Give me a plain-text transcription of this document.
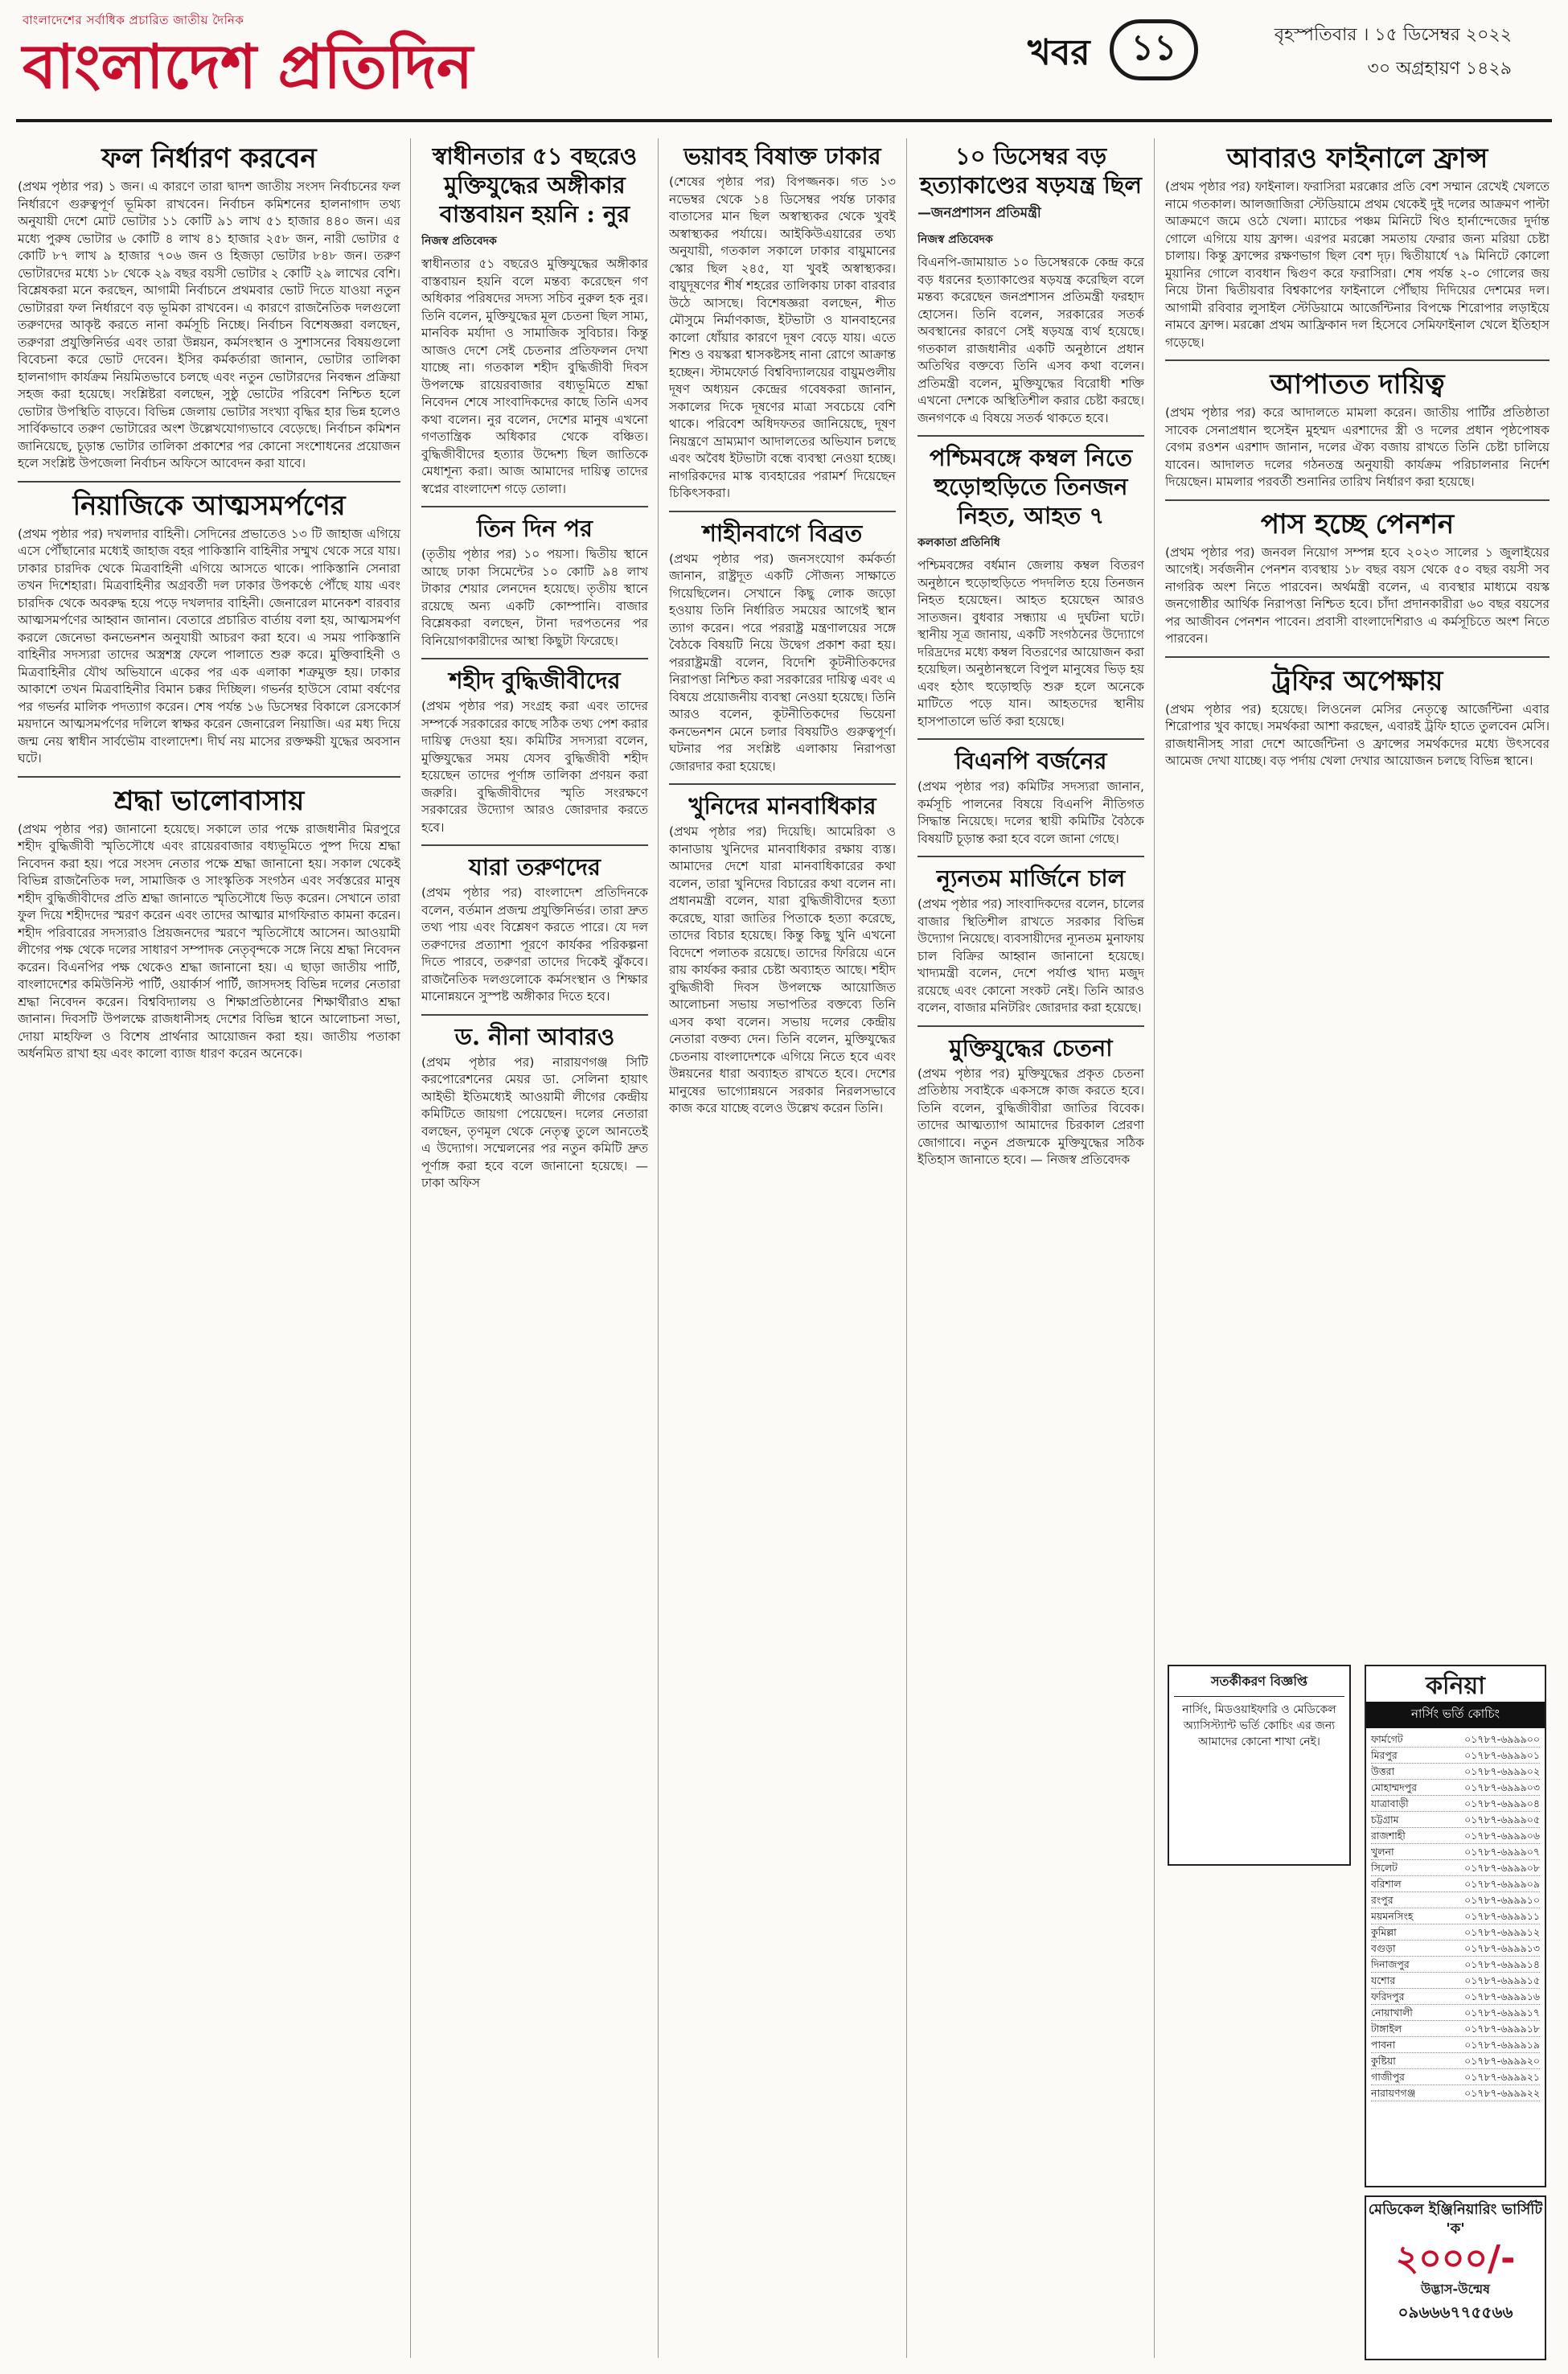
বাংলাদেশের সর্বাধিক প্রচারিত জাতীয় দৈনিক
বাংলাদেশ প্রতিদিন	খবর	১১	বৃহস্পতিবার । ১৫ ডিসেম্বর ২০২২
৩০ অগ্রহায়ণ ১৪২৯
ফল নির্ধারণ করবেন

(প্রথম পৃষ্ঠার পর) ১ জন। এ কারণে তারা দ্বাদশ জাতীয় সংসদ নির্বাচনের ফল নির্ধারণে গুরুত্বপূর্ণ ভূমিকা রাখবেন। নির্বাচন কমিশনের হালনাগাদ তথ্য অনুযায়ী দেশে মোট ভোটার ১১ কোটি ৯১ লাখ ৫১ হাজার ৪৪০ জন। এর মধ্যে পুরুষ ভোটার ৬ কোটি ৪ লাখ ৪১ হাজার ২৫৮ জন, নারী ভোটার ৫ কোটি ৮৭ লাখ ৯ হাজার ৭০৬ জন ও হিজড়া ভোটার ৮৪৮ জন। তরুণ ভোটারদের মধ্যে ১৮ থেকে ২৯ বছর বয়সী ভোটার ২ কোটি ২৯ লাখের বেশি। বিশ্লেষকরা মনে করছেন, আগামী নির্বাচনে প্রথমবার ভোট দিতে যাওয়া নতুন ভোটাররা ফল নির্ধারণে বড় ভূমিকা রাখবেন। এ কারণে রাজনৈতিক দলগুলো তরুণদের আকৃষ্ট করতে নানা কর্মসূচি নিচ্ছে। নির্বাচন বিশেষজ্ঞরা বলছেন, তরুণরা প্রযুক্তিনির্ভর এবং তারা উন্নয়ন, কর্মসংস্থান ও সুশাসনের বিষয়গুলো বিবেচনা করে ভোট দেবেন। ইসির কর্মকর্তারা জানান, ভোটার তালিকা হালনাগাদ কার্যক্রম নিয়মিতভাবে চলছে এবং নতুন ভোটারদের নিবন্ধন প্রক্রিয়া সহজ করা হয়েছে। সংশ্লিষ্টরা বলছেন, সুষ্ঠু ভোটের পরিবেশ নিশ্চিত হলে ভোটার উপস্থিতি বাড়বে। বিভিন্ন জেলায় ভোটার সংখ্যা বৃদ্ধির হার ভিন্ন হলেও সার্বিকভাবে তরুণ ভোটারের অংশ উল্লেখযোগ্যভাবে বেড়েছে। নির্বাচন কমিশন জানিয়েছে, চূড়ান্ত ভোটার তালিকা প্রকাশের পর কোনো সংশোধনের প্রয়োজন হলে সংশ্লিষ্ট উপজেলা নির্বাচন অফিসে আবেদন করা যাবে।

নিয়াজিকে আত্মসমর্পণের

(প্রথম পৃষ্ঠার পর) দখলদার বাহিনী। সেদিনের প্রভাতেও ১৩ টি জাহাজ এগিয়ে এসে পৌঁছানোর মধ্যেই জাহাজ বহর পাকিস্তানি বাহিনীর সম্মুখ থেকে সরে যায়। ঢাকার চারদিক থেকে মিত্রবাহিনী এগিয়ে আসতে থাকে। পাকিস্তানি সেনারা তখন দিশেহারা। মিত্রবাহিনীর অগ্রবর্তী দল ঢাকার উপকণ্ঠে পৌঁছে যায় এবং চারদিক থেকে অবরুদ্ধ হয়ে পড়ে দখলদার বাহিনী। জেনারেল মানেকশ বারবার আত্মসমর্পণের আহ্বান জানান। বেতারে প্রচারিত বার্তায় বলা হয়, আত্মসমর্পণ করলে জেনেভা কনভেনশন অনুযায়ী আচরণ করা হবে। এ সময় পাকিস্তানি বাহিনীর সদস্যরা তাদের অস্ত্রশস্ত্র ফেলে পালাতে শুরু করে। মুক্তিবাহিনী ও মিত্রবাহিনীর যৌথ অভিযানে একের পর এক এলাকা শত্রুমুক্ত হয়। ঢাকার আকাশে তখন মিত্রবাহিনীর বিমান চক্কর দিচ্ছিল। গভর্নর হাউসে বোমা বর্ষণের পর গভর্নর মালিক পদত্যাগ করেন। শেষ পর্যন্ত ১৬ ডিসেম্বর বিকালে রেসকোর্স ময়দানে আত্মসমর্পণের দলিলে স্বাক্ষর করেন জেনারেল নিয়াজি। এর মধ্য দিয়ে জন্ম নেয় স্বাধীন সার্বভৌম বাংলাদেশ। দীর্ঘ নয় মাসের রক্তক্ষয়ী যুদ্ধের অবসান ঘটে।

শ্রদ্ধা ভালোবাসায়

(প্রথম পৃষ্ঠার পর) জানানো হয়েছে। সকালে তার পক্ষে রাজধানীর মিরপুরে শহীদ বুদ্ধিজীবী স্মৃতিসৌধে এবং রায়েরবাজার বধ্যভূমিতে পুষ্প দিয়ে শ্রদ্ধা নিবেদন করা হয়। পরে সংসদ নেতার পক্ষে শ্রদ্ধা জানানো হয়। সকাল থেকেই বিভিন্ন রাজনৈতিক দল, সামাজিক ও সাংস্কৃতিক সংগঠন এবং সর্বস্তরের মানুষ শহীদ বুদ্ধিজীবীদের প্রতি শ্রদ্ধা জানাতে স্মৃতিসৌধে ভিড় করেন। সেখানে তারা ফুল দিয়ে শহীদদের স্মরণ করেন এবং তাদের আত্মার মাগফিরাত কামনা করেন। শহীদ পরিবারের সদস্যরাও প্রিয়জনদের স্মরণে স্মৃতিসৌধে আসেন। আওয়ামী লীগের পক্ষ থেকে দলের সাধারণ সম্পাদক নেতৃবৃন্দকে সঙ্গে নিয়ে শ্রদ্ধা নিবেদন করেন। বিএনপির পক্ষ থেকেও শ্রদ্ধা জানানো হয়। এ ছাড়া জাতীয় পার্টি, বাংলাদেশের কমিউনিস্ট পার্টি, ওয়ার্কার্স পার্টি, জাসদসহ বিভিন্ন দলের নেতারা শ্রদ্ধা নিবেদন করেন। বিশ্ববিদ্যালয় ও শিক্ষাপ্রতিষ্ঠানের শিক্ষার্থীরাও শ্রদ্ধা জানান। দিবসটি উপলক্ষে রাজধানীসহ দেশের বিভিন্ন স্থানে আলোচনা সভা, দোয়া মাহফিল ও বিশেষ প্রার্থনার আয়োজন করা হয়। জাতীয় পতাকা অর্ধনমিত রাখা হয় এবং কালো ব্যাজ ধারণ করেন অনেকে।

স্বাধীনতার ৫১ বছরেও মুক্তিযুদ্ধের অঙ্গীকার বাস্তবায়ন হয়নি : নুর
নিজস্ব প্রতিবেদক

স্বাধীনতার ৫১ বছরেও মুক্তিযুদ্ধের অঙ্গীকার বাস্তবায়ন হয়নি বলে মন্তব্য করেছেন গণ অধিকার পরিষদের সদস্য সচিব নুরুল হক নুর। তিনি বলেন, মুক্তিযুদ্ধের মূল চেতনা ছিল সাম্য, মানবিক মর্যাদা ও সামাজিক সুবিচার। কিন্তু আজও দেশে সেই চেতনার প্রতিফলন দেখা যাচ্ছে না। গতকাল শহীদ বুদ্ধিজীবী দিবস উপলক্ষে রায়েরবাজার বধ্যভূমিতে শ্রদ্ধা নিবেদন শেষে সাংবাদিকদের কাছে তিনি এসব কথা বলেন। নুর বলেন, দেশের মানুষ এখনো গণতান্ত্রিক অধিকার থেকে বঞ্চিত। বুদ্ধিজীবীদের হত্যার উদ্দেশ্য ছিল জাতিকে মেধাশূন্য করা। আজ আমাদের দায়িত্ব তাদের স্বপ্নের বাংলাদেশ গড়ে তোলা।

তিন দিন পর

(তৃতীয় পৃষ্ঠার পর) ১০ পয়সা। দ্বিতীয় স্থানে আছে ঢাকা সিমেন্টের ১০ কোটি ৯৪ লাখ টাকার শেয়ার লেনদেন হয়েছে। তৃতীয় স্থানে রয়েছে অন্য একটি কোম্পানি। বাজার বিশ্লেষকরা বলছেন, টানা দরপতনের পর বিনিয়োগকারীদের আস্থা কিছুটা ফিরেছে।

শহীদ বুদ্ধিজীবীদের

(প্রথম পৃষ্ঠার পর) সংগ্রহ করা এবং তাদের সম্পর্কে সরকারের কাছে সঠিক তথ্য পেশ করার দায়িত্ব দেওয়া হয়। কমিটির সদস্যরা বলেন, মুক্তিযুদ্ধের সময় যেসব বুদ্ধিজীবী শহীদ হয়েছেন তাদের পূর্ণাঙ্গ তালিকা প্রণয়ন করা জরুরি। বুদ্ধিজীবীদের স্মৃতি সংরক্ষণে সরকারের উদ্যোগ আরও জোরদার করতে হবে।

যারা তরুণদের

(প্রথম পৃষ্ঠার পর) বাংলাদেশ প্রতিদিনকে বলেন, বর্তমান প্রজন্ম প্রযুক্তিনির্ভর। তারা দ্রুত তথ্য পায় এবং বিশ্লেষণ করতে পারে। যে দল তরুণদের প্রত্যাশা পূরণে কার্যকর পরিকল্পনা দিতে পারবে, তরুণরা তাদের দিকেই ঝুঁকবে। রাজনৈতিক দলগুলোকে কর্মসংস্থান ও শিক্ষার মানোন্নয়নে সুস্পষ্ট অঙ্গীকার দিতে হবে।

ড. নীনা আবারও

(প্রথম পৃষ্ঠার পর) নারায়ণগঞ্জ সিটি করপোরেশনের মেয়র ডা. সেলিনা হায়াৎ আইভী ইতিমধ্যেই আওয়ামী লীগের কেন্দ্রীয় কমিটিতে জায়গা পেয়েছেন। দলের নেতারা বলছেন, তৃণমূল থেকে নেতৃত্ব তুলে আনতেই এ উদ্যোগ। সম্মেলনের পর নতুন কমিটি দ্রুত পূর্ণাঙ্গ করা হবে বলে জানানো হয়েছে। — ঢাকা অফিস

ভয়াবহ বিষাক্ত ঢাকার

(শেষের পৃষ্ঠার পর) বিপজ্জনক। গত ১৩ নভেম্বর থেকে ১৪ ডিসেম্বর পর্যন্ত ঢাকার বাতাসের মান ছিল অস্বাস্থ্যকর থেকে খুবই অস্বাস্থ্যকর পর্যায়ে। আইকিউএয়ারের তথ্য অনুযায়ী, গতকাল সকালে ঢাকার বায়ুমানের স্কোর ছিল ২৪৫, যা খুবই অস্বাস্থ্যকর। বায়ুদূষণের শীর্ষ শহরের তালিকায় ঢাকা বারবার উঠে আসছে। বিশেষজ্ঞরা বলছেন, শীত মৌসুমে নির্মাণকাজ, ইটভাটা ও যানবাহনের কালো ধোঁয়ার কারণে দূষণ বেড়ে যায়। এতে শিশু ও বয়স্করা শ্বাসকষ্টসহ নানা রোগে আক্রান্ত হচ্ছেন। স্টামফোর্ড বিশ্ববিদ্যালয়ের বায়ুমণ্ডলীয় দূষণ অধ্যয়ন কেন্দ্রের গবেষকরা জানান, সকালের দিকে দূষণের মাত্রা সবচেয়ে বেশি থাকে। পরিবেশ অধিদফতর জানিয়েছে, দূষণ নিয়ন্ত্রণে ভ্রাম্যমাণ আদালতের অভিযান চলছে এবং অবৈধ ইটভাটা বন্ধে ব্যবস্থা নেওয়া হচ্ছে। নাগরিকদের মাস্ক ব্যবহারের পরামর্শ দিয়েছেন চিকিৎসকরা।

শাহীনবাগে বিব্রত

(প্রথম পৃষ্ঠার পর) জনসংযোগ কর্মকর্তা জানান, রাষ্ট্রদূত একটি সৌজন্য সাক্ষাতে গিয়েছিলেন। সেখানে কিছু লোক জড়ো হওয়ায় তিনি নির্ধারিত সময়ের আগেই স্থান ত্যাগ করেন। পরে পররাষ্ট্র মন্ত্রণালয়ের সঙ্গে বৈঠকে বিষয়টি নিয়ে উদ্বেগ প্রকাশ করা হয়। পররাষ্ট্রমন্ত্রী বলেন, বিদেশি কূটনীতিকদের নিরাপত্তা নিশ্চিত করা সরকারের দায়িত্ব এবং এ বিষয়ে প্রয়োজনীয় ব্যবস্থা নেওয়া হয়েছে। তিনি আরও বলেন, কূটনীতিকদের ভিয়েনা কনভেনশন মেনে চলার বিষয়টিও গুরুত্বপূর্ণ। ঘটনার পর সংশ্লিষ্ট এলাকায় নিরাপত্তা জোরদার করা হয়েছে।

খুনিদের মানবাধিকার

(প্রথম পৃষ্ঠার পর) দিয়েছি। আমেরিকা ও কানাডায় খুনিদের মানবাধিকার রক্ষায় ব্যস্ত। আমাদের দেশে যারা মানবাধিকারের কথা বলেন, তারা খুনিদের বিচারের কথা বলেন না। প্রধানমন্ত্রী বলেন, যারা বুদ্ধিজীবীদের হত্যা করেছে, যারা জাতির পিতাকে হত্যা করেছে, তাদের বিচার হয়েছে। কিন্তু কিছু খুনি এখনো বিদেশে পলাতক রয়েছে। তাদের ফিরিয়ে এনে রায় কার্যকর করার চেষ্টা অব্যাহত আছে। শহীদ বুদ্ধিজীবী দিবস উপলক্ষে আয়োজিত আলোচনা সভায় সভাপতির বক্তব্যে তিনি এসব কথা বলেন। সভায় দলের কেন্দ্রীয় নেতারা বক্তব্য দেন। তিনি বলেন, মুক্তিযুদ্ধের চেতনায় বাংলাদেশকে এগিয়ে নিতে হবে এবং উন্নয়নের ধারা অব্যাহত রাখতে হবে। দেশের মানুষের ভাগ্যোন্নয়নে সরকার নিরলসভাবে কাজ করে যাচ্ছে বলেও উল্লেখ করেন তিনি।

১০ ডিসেম্বর বড় হত্যাকাণ্ডের ষড়যন্ত্র ছিল
—জনপ্রশাসন প্রতিমন্ত্রী
নিজস্ব প্রতিবেদক

বিএনপি-জামায়াত ১০ ডিসেম্বরকে কেন্দ্র করে বড় ধরনের হত্যাকাণ্ডের ষড়যন্ত্র করেছিল বলে মন্তব্য করেছেন জনপ্রশাসন প্রতিমন্ত্রী ফরহাদ হোসেন। তিনি বলেন, সরকারের সতর্ক অবস্থানের কারণে সেই ষড়যন্ত্র ব্যর্থ হয়েছে। গতকাল রাজধানীর একটি অনুষ্ঠানে প্রধান অতিথির বক্তব্যে তিনি এসব কথা বলেন। প্রতিমন্ত্রী বলেন, মুক্তিযুদ্ধের বিরোধী শক্তি এখনো দেশকে অস্থিতিশীল করার চেষ্টা করছে। জনগণকে এ বিষয়ে সতর্ক থাকতে হবে।

পশ্চিমবঙ্গে কম্বল নিতে হুড়োহুড়িতে তিনজন নিহত, আহত ৭
কলকাতা প্রতিনিধি

পশ্চিমবঙ্গের বর্ধমান জেলায় কম্বল বিতরণ অনুষ্ঠানে হুড়োহুড়িতে পদদলিত হয়ে তিনজন নিহত হয়েছেন। আহত হয়েছেন আরও সাতজন। বুধবার সন্ধ্যায় এ দুর্ঘটনা ঘটে। স্থানীয় সূত্র জানায়, একটি সংগঠনের উদ্যোগে দরিদ্রদের মধ্যে কম্বল বিতরণের আয়োজন করা হয়েছিল। অনুষ্ঠানস্থলে বিপুল মানুষের ভিড় হয় এবং হঠাৎ হুড়োহুড়ি শুরু হলে অনেকে মাটিতে পড়ে যান। আহতদের স্থানীয় হাসপাতালে ভর্তি করা হয়েছে।

বিএনপি বর্জনের

(প্রথম পৃষ্ঠার পর) কমিটির সদস্যরা জানান, কর্মসূচি পালনের বিষয়ে বিএনপি নীতিগত সিদ্ধান্ত নিয়েছে। দলের স্থায়ী কমিটির বৈঠকে বিষয়টি চূড়ান্ত করা হবে বলে জানা গেছে।

ন্যূনতম মার্জিনে চাল

(প্রথম পৃষ্ঠার পর) সাংবাদিকদের বলেন, চালের বাজার স্থিতিশীল রাখতে সরকার বিভিন্ন উদ্যোগ নিয়েছে। ব্যবসায়ীদের ন্যূনতম মুনাফায় চাল বিক্রির আহ্বান জানানো হয়েছে। খাদ্যমন্ত্রী বলেন, দেশে পর্যাপ্ত খাদ্য মজুদ রয়েছে এবং কোনো সংকট নেই। তিনি আরও বলেন, বাজার মনিটরিং জোরদার করা হয়েছে।

মুক্তিযুদ্ধের চেতনা

(প্রথম পৃষ্ঠার পর) মুক্তিযুদ্ধের প্রকৃত চেতনা প্রতিষ্ঠায় সবাইকে একসঙ্গে কাজ করতে হবে। তিনি বলেন, বুদ্ধিজীবীরা জাতির বিবেক। তাদের আত্মত্যাগ আমাদের চিরকাল প্রেরণা জোগাবে। নতুন প্রজন্মকে মুক্তিযুদ্ধের সঠিক ইতিহাস জানাতে হবে। — নিজস্ব প্রতিবেদক

আবারও ফাইনালে ফ্রান্স

(প্রথম পৃষ্ঠার পর) ফাইনাল। ফরাসিরা মরক্কোর প্রতি বেশ সম্মান রেখেই খেলতে নামে গতকাল। আলজাজিরা স্টেডিয়ামে প্রথম থেকেই দুই দলের আক্রমণ পাল্টা আক্রমণে জমে ওঠে খেলা। ম্যাচের পঞ্চম মিনিটে থিও হার্নান্দেজের দুর্দান্ত গোলে এগিয়ে যায় ফ্রান্স। এরপর মরক্কো সমতায় ফেরার জন্য মরিয়া চেষ্টা চালায়। কিন্তু ফ্রান্সের রক্ষণভাগ ছিল বেশ দৃঢ়। দ্বিতীয়ার্ধে ৭৯ মিনিটে কোলো মুয়ানির গোলে ব্যবধান দ্বিগুণ করে ফরাসিরা। শেষ পর্যন্ত ২-০ গোলের জয় নিয়ে টানা দ্বিতীয়বার বিশ্বকাপের ফাইনালে পৌঁছায় দিদিয়ের দেশমের দল। আগামী রবিবার লুসাইল স্টেডিয়ামে আর্জেন্টিনার বিপক্ষে শিরোপার লড়াইয়ে নামবে ফ্রান্স। মরক্কো প্রথম আফ্রিকান দল হিসেবে সেমিফাইনাল খেলে ইতিহাস গড়েছে।

আপাতত দায়িত্ব

(প্রথম পৃষ্ঠার পর) করে আদালতে মামলা করেন। জাতীয় পার্টির প্রতিষ্ঠাতা সাবেক সেনাপ্রধান হুসেইন মুহম্মদ এরশাদের স্ত্রী ও দলের প্রধান পৃষ্ঠপোষক বেগম রওশন এরশাদ জানান, দলের ঐক্য বজায় রাখতে তিনি চেষ্টা চালিয়ে যাবেন। আদালত দলের গঠনতন্ত্র অনুযায়ী কার্যক্রম পরিচালনার নির্দেশ দিয়েছেন। মামলার পরবর্তী শুনানির তারিখ নির্ধারণ করা হয়েছে।

পাস হচ্ছে পেনশন

(প্রথম পৃষ্ঠার পর) জনবল নিয়োগ সম্পন্ন হবে ২০২৩ সালের ১ জুলাইয়ের আগেই। সর্বজনীন পেনশন ব্যবস্থায় ১৮ বছর বয়স থেকে ৫০ বছর বয়সী সব নাগরিক অংশ নিতে পারবেন। অর্থমন্ত্রী বলেন, এ ব্যবস্থার মাধ্যমে বয়স্ক জনগোষ্ঠীর আর্থিক নিরাপত্তা নিশ্চিত হবে। চাঁদা প্রদানকারীরা ৬০ বছর বয়সের পর আজীবন পেনশন পাবেন। প্রবাসী বাংলাদেশিরাও এ কর্মসূচিতে অংশ নিতে পারবেন।

ট্রফির অপেক্ষায়

(প্রথম পৃষ্ঠার পর) হয়েছে। লিওনেল মেসির নেতৃত্বে আর্জেন্টিনা এবার শিরোপার খুব কাছে। সমর্থকরা আশা করছেন, এবারই ট্রফি হাতে তুলবেন মেসি। রাজধানীসহ সারা দেশে আর্জেন্টিনা ও ফ্রান্সের সমর্থকদের মধ্যে উৎসবের আমেজ দেখা যাচ্ছে। বড় পর্দায় খেলা দেখার আয়োজন চলছে বিভিন্ন স্থানে।

সতর্কীকরণ বিজ্ঞপ্তি
নার্সিং, মিডওয়াইফারি ও মেডিকেল অ্যাসিস্ট্যান্ট ভর্তি কোচিং এর জন্য আমাদের কোনো শাখা নেই।
কনিয়া
নার্সিং ভর্তি কোচিং
ফার্মগেট	০১৭৮৭-৬৯৯৯০০
মিরপুর	০১৭৮৭-৬৯৯৯০১
উত্তরা	০১৭৮৭-৬৯৯৯০২
মোহাম্মদপুর	০১৭৮৭-৬৯৯৯০৩
যাত্রাবাড়ী	০১৭৮৭-৬৯৯৯০৪
চট্টগ্রাম	০১৭৮৭-৬৯৯৯০৫
রাজশাহী	০১৭৮৭-৬৯৯৯০৬
খুলনা	০১৭৮৭-৬৯৯৯০৭
সিলেট	০১৭৮৭-৬৯৯৯০৮
বরিশাল	০১৭৮৭-৬৯৯৯০৯
রংপুর	০১৭৮৭-৬৯৯৯১০
ময়মনসিংহ	০১৭৮৭-৬৯৯৯১১
কুমিল্লা	০১৭৮৭-৬৯৯৯১২
বগুড়া	০১৭৮৭-৬৯৯৯১৩
দিনাজপুর	০১৭৮৭-৬৯৯৯১৪
যশোর	০১৭৮৭-৬৯৯৯১৫
ফরিদপুর	০১৭৮৭-৬৯৯৯১৬
নোয়াখালী	০১৭৮৭-৬৯৯৯১৭
টাঙ্গাইল	০১৭৮৭-৬৯৯৯১৮
পাবনা	০১৭৮৭-৬৯৯৯১৯
কুষ্টিয়া	০১৭৮৭-৬৯৯৯২০
গাজীপুর	০১৭৮৭-৬৯৯৯২১
নারায়ণগঞ্জ	০১৭৮৭-৬৯৯৯২২
মেডিকেল ইঞ্জিনিয়ারিং ভার্সিটি 'ক'
২০০০/-
উদ্ভাস-উন্মেষ
০৯৬৬৬৭৭৫৫৬৬
